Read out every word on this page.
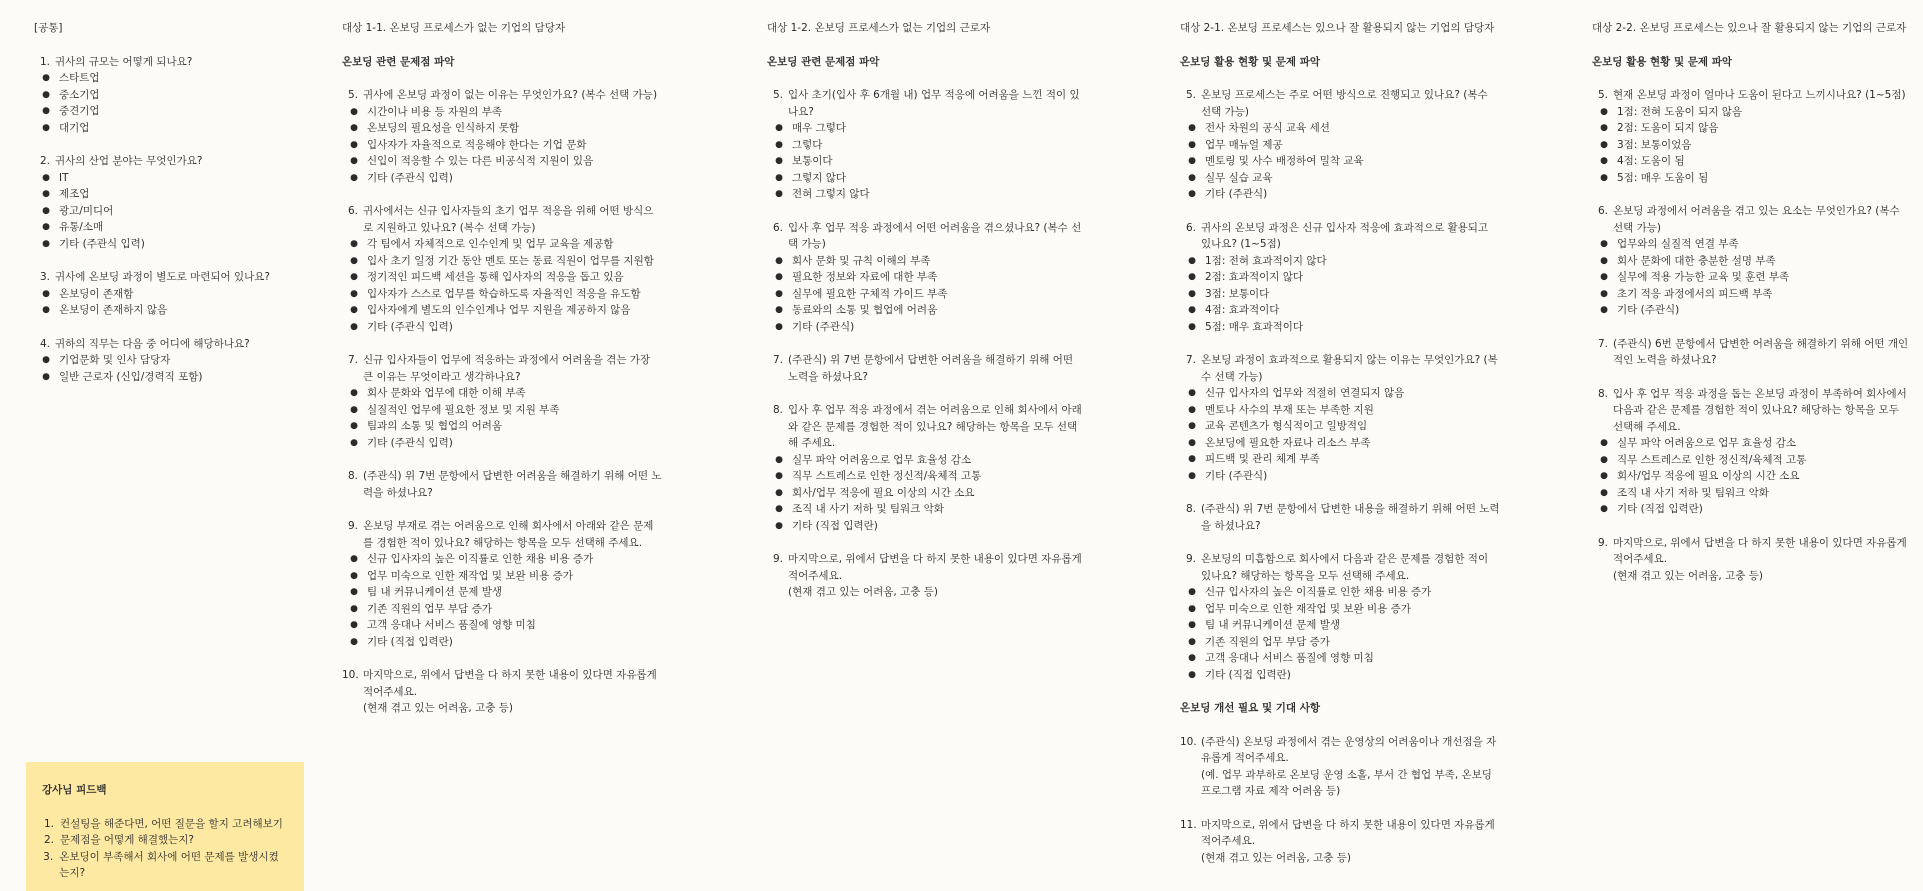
[공통]
1. 귀사의 규모는 어떻게 되나요?
● 스타트업
● 중소기업
● 중견기업
● 대기업
2. 귀사의 산업 분야는 무엇인가요?
● IT
● 제조업
● 광고/미디어
● 유통/소매
● 기타 (주관식 입력)
3. 귀사에 온보딩 과정이 별도로 마련되어 있나요?
● 온보딩이 존재함
● 온보딩이 존재하지 않음
4. 귀하의 직무는 다음 중 어디에 해당하나요?
● 기업문화 및 인사 담당자
● 일반 근로자 (신입/경력직 포함)
강사님 피드백
1. 컨설팅을 해준다면, 어떤 질문을 할지 고려해보기
2. 문제점을 어떻게 해결했는지?
3. 온보딩이 부족해서 회사에 어떤 문제를 발생시켰는지?
대상 1-1. 온보딩 프로세스가 없는 기업의 담당자
온보딩 관련 문제점 파악
5. 귀사에 온보딩 과정이 없는 이유는 무엇인가요? (복수 선택 가능)
● 시간이나 비용 등 자원의 부족
● 온보딩의 필요성을 인식하지 못함
● 입사자가 자율적으로 적응해야 한다는 기업 문화
● 신입이 적응할 수 있는 다른 비공식적 지원이 있음
● 기타 (주관식 입력)
6. 귀사에서는 신규 입사자들의 초기 업무 적응을 위해 어떤 방식으로 지원하고 있나요? (복수 선택 가능)
● 각 팀에서 자체적으로 인수인계 및 업무 교육을 제공함
● 입사 초기 일정 기간 동안 멘토 또는 동료 직원이 업무를 지원함
● 정기적인 피드백 세션을 통해 입사자의 적응을 돕고 있음
● 입사자가 스스로 업무를 학습하도록 자율적인 적응을 유도함
● 입사자에게 별도의 인수인계나 업무 지원을 제공하지 않음
● 기타 (주관식 입력)
7. 신규 입사자들이 업무에 적응하는 과정에서 어려움을 겪는 가장 큰 이유는 무엇이라고 생각하나요?
● 회사 문화와 업무에 대한 이해 부족
● 실질적인 업무에 필요한 정보 및 지원 부족
● 팀과의 소통 및 협업의 어려움
● 기타 (주관식 입력)
8. (주관식) 위 7번 문항에서 답변한 어려움을 해결하기 위해 어떤 노력을 하셨나요?
9. 온보딩 부재로 겪는 어려움으로 인해 회사에서 아래와 같은 문제를 경험한 적이 있나요? 해당하는 항목을 모두 선택해 주세요.
● 신규 입사자의 높은 이직률로 인한 채용 비용 증가
● 업무 미숙으로 인한 재작업 및 보완 비용 증가
● 팀 내 커뮤니케이션 문제 발생
● 기존 직원의 업무 부담 증가
● 고객 응대나 서비스 품질에 영향 미침
● 기타 (직접 입력란)
10. 마지막으로, 위에서 답변을 다 하지 못한 내용이 있다면 자유롭게 적어주세요.
(현재 겪고 있는 어려움, 고충 등)
대상 1-2. 온보딩 프로세스가 없는 기업의 근로자
온보딩 관련 문제점 파악
5. 입사 초기(입사 후 6개월 내) 업무 적응에 어려움을 느낀 적이 있나요?
● 매우 그렇다
● 그렇다
● 보통이다
● 그렇지 않다
● 전혀 그렇지 않다
6. 입사 후 업무 적응 과정에서 어떤 어려움을 겪으셨나요? (복수 선택 가능)
● 회사 문화 및 규칙 이해의 부족
● 필요한 정보와 자료에 대한 부족
● 실무에 필요한 구체적 가이드 부족
● 동료와의 소통 및 협업에 어려움
● 기타 (주관식)
7. (주관식) 위 7번 문항에서 답변한 어려움을 해결하기 위해 어떤 노력을 하셨나요?
8. 입사 후 업무 적응 과정에서 겪는 어려움으로 인해 회사에서 아래와 같은 문제를 경험한 적이 있나요? 해당하는 항목을 모두 선택해 주세요.
● 실무 파악 어려움으로 업무 효율성 감소
● 직무 스트레스로 인한 정신적/육체적 고통
● 회사/업무 적응에 필요 이상의 시간 소요
● 조직 내 사기 저하 및 팀워크 악화
● 기타 (직접 입력란)
9. 마지막으로, 위에서 답변을 다 하지 못한 내용이 있다면 자유롭게 적어주세요.
(현재 겪고 있는 어려움, 고충 등)
대상 2-1. 온보딩 프로세스는 있으나 잘 활용되지 않는 기업의 담당자
온보딩 활용 현황 및 문제 파악
5. 온보딩 프로세스는 주로 어떤 방식으로 진행되고 있나요? (복수 선택 가능)
● 전사 차원의 공식 교육 세션
● 업무 매뉴얼 제공
● 멘토링 및 사수 배정하여 밀착 교육
● 실무 실습 교육
● 기타 (주관식)
6. 귀사의 온보딩 과정은 신규 입사자 적응에 효과적으로 활용되고 있나요? (1~5점)
● 1점: 전혀 효과적이지 않다
● 2점: 효과적이지 않다
● 3점: 보통이다
● 4점: 효과적이다
● 5점: 매우 효과적이다
7. 온보딩 과정이 효과적으로 활용되지 않는 이유는 무엇인가요? (복수 선택 가능)
● 신규 입사자의 업무와 적절히 연결되지 않음
● 멘토나 사수의 부재 또는 부족한 지원
● 교육 콘텐츠가 형식적이고 일방적임
● 온보딩에 필요한 자료나 리소스 부족
● 피드백 및 관리 체계 부족
● 기타 (주관식)
8. (주관식) 위 7번 문항에서 답변한 내용을 해결하기 위해 어떤 노력을 하셨나요?
9. 온보딩의 미흡함으로 회사에서 다음과 같은 문제를 경험한 적이 있나요? 해당하는 항목을 모두 선택해 주세요.
● 신규 입사자의 높은 이직률로 인한 채용 비용 증가
● 업무 미숙으로 인한 재작업 및 보완 비용 증가
● 팀 내 커뮤니케이션 문제 발생
● 기존 직원의 업무 부담 증가
● 고객 응대나 서비스 품질에 영향 미침
● 기타 (직접 입력란)
온보딩 개선 필요 및 기대 사항
10. (주관식) 온보딩 과정에서 겪는 운영상의 어려움이나 개선점을 자유롭게 적어주세요.
(예. 업무 과부하로 온보딩 운영 소홀, 부서 간 협업 부족, 온보딩 프로그램 자료 제작 어려움 등)
11. 마지막으로, 위에서 답변을 다 하지 못한 내용이 있다면 자유롭게 적어주세요.
(현재 겪고 있는 어려움, 고충 등)
대상 2-2. 온보딩 프로세스는 있으나 잘 활용되지 않는 기업의 근로자
온보딩 활용 현황 및 문제 파악
5. 현재 온보딩 과정이 얼마나 도움이 된다고 느끼시나요? (1~5점)
● 1점: 전혀 도움이 되지 않음
● 2점: 도움이 되지 않음
● 3점: 보통이었음
● 4점: 도움이 됨
● 5점: 매우 도움이 됨
6. 온보딩 과정에서 어려움을 겪고 있는 요소는 무엇인가요? (복수 선택 가능)
● 업무와의 실질적 연결 부족
● 회사 문화에 대한 충분한 설명 부족
● 실무에 적용 가능한 교육 및 훈련 부족
● 초기 적응 과정에서의 피드백 부족
● 기타 (주관식)
7. (주관식) 6번 문항에서 답변한 어려움을 해결하기 위해 어떤 개인적인 노력을 하셨나요?
8. 입사 후 업무 적응 과정을 돕는 온보딩 과정이 부족하여 회사에서 다음과 같은 문제를 경험한 적이 있나요? 해당하는 항목을 모두 선택해 주세요.
● 실무 파악 어려움으로 업무 효율성 감소
● 직무 스트레스로 인한 정신적/육체적 고통
● 회사/업무 적응에 필요 이상의 시간 소요
● 조직 내 사기 저하 및 팀워크 악화
● 기타 (직접 입력란)
9. 마지막으로, 위에서 답변을 다 하지 못한 내용이 있다면 자유롭게 적어주세요.
(현재 겪고 있는 어려움, 고충 등)
